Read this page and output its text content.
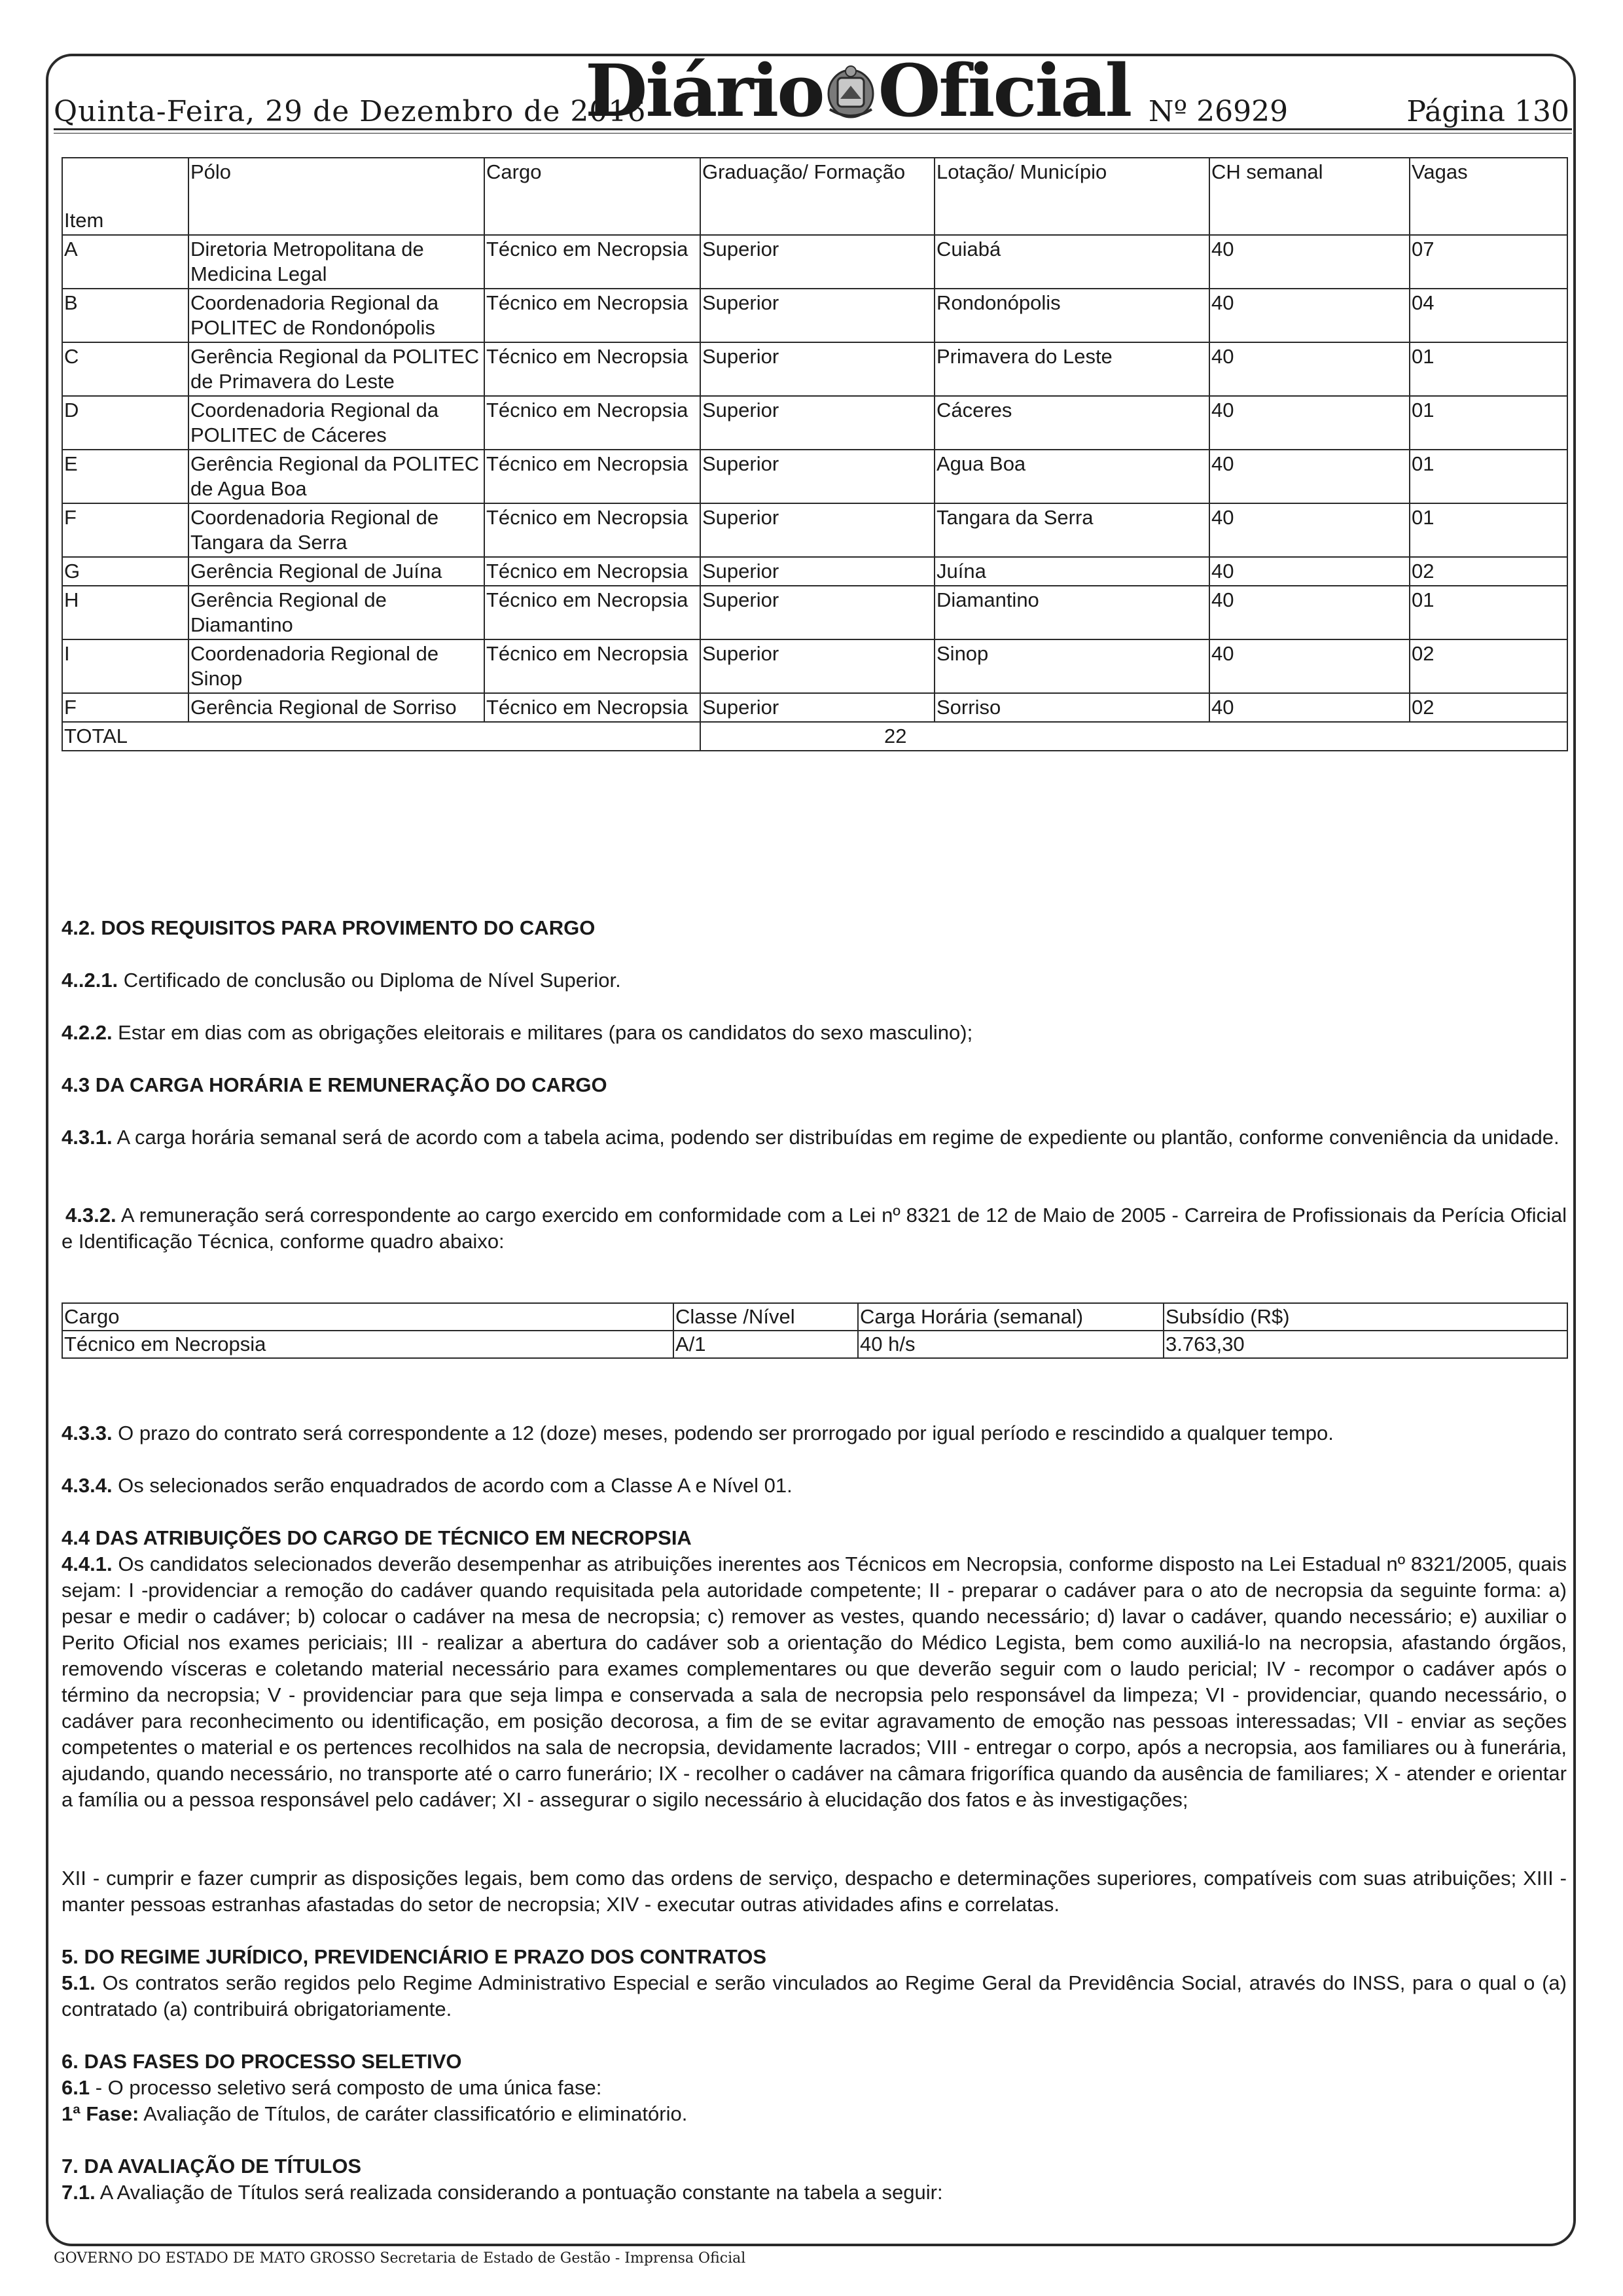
Quinta-Feira, 29 de Dezembro de 2016
Diário Oficial Nº 26929	Página 130
Item	Pólo	Cargo	Graduação/ Formação	Lotação/ Município	CH semanal	Vagas
A	Diretoria Metropolitana de Medicina Legal	Técnico em Necropsia	Superior	Cuiabá	40	07
B	Coordenadoria Regional da POLITEC de Rondonópolis	Técnico em Necropsia	Superior	Rondonópolis	40	04
C	Gerência Regional da POLITEC de Primavera do Leste	Técnico em Necropsia	Superior	Primavera do Leste	40	01
D	Coordenadoria Regional da POLITEC de Cáceres	Técnico em Necropsia	Superior	Cáceres	40	01
E	Gerência Regional da POLITEC de Agua Boa	Técnico em Necropsia	Superior	Agua Boa	40	01
F	Coordenadoria Regional de Tangara da Serra	Técnico em Necropsia	Superior	Tangara da Serra	40	01
G	Gerência Regional de Juína	Técnico em Necropsia	Superior	Juína	40	02
H	Gerência Regional de Diamantino	Técnico em Necropsia	Superior	Diamantino	40	01
I	Coordenadoria Regional de Sinop	Técnico em Necropsia	Superior	Sinop	40	02
F	Gerência Regional de Sorriso	Técnico em Necropsia	Superior	Sorriso	40	02
TOTAL			22			

4.2. DOS REQUISITOS PARA PROVIMENTO DO CARGO

4..2.1. Certificado de conclusão ou Diploma de Nível Superior.

4.2.2. Estar em dias com as obrigações eleitorais e militares (para os candidatos do sexo masculino);

4.3 DA CARGA HORÁRIA E REMUNERAÇÃO DO CARGO

4.3.1. A carga horária semanal será de acordo com a tabela acima, podendo ser distribuídas em regime de expediente ou plantão, conforme conveniência da unidade.

4.3.2. A remuneração será correspondente ao cargo exercido em conformidade com a Lei nº 8321 de 12 de Maio de 2005 - Carreira de Profissionais da Perícia Oficial e Identificação Técnica, conforme quadro abaixo:

Cargo	Classe /Nível	Carga Horária (semanal)	Subsídio (R$)
Técnico em Necropsia	A/1	40 h/s	3.763,30

4.3.3. O prazo do contrato será correspondente a 12 (doze) meses, podendo ser prorrogado por igual período e rescindido a qualquer tempo.

4.3.4. Os selecionados serão enquadrados de acordo com a Classe A e Nível 01.

4.4 DAS ATRIBUIÇÕES DO CARGO DE TÉCNICO EM NECROPSIA

4.4.1. Os candidatos selecionados deverão desempenhar as atribuições inerentes aos Técnicos em Necropsia, conforme disposto na Lei Estadual nº 8321/2005, quais sejam: I -providenciar a remoção do cadáver quando requisitada pela autoridade competente; II - preparar o cadáver para o ato de necropsia da seguinte forma: a) pesar e medir o cadáver; b) colocar o cadáver na mesa de necropsia; c) remover as vestes, quando necessário; d) lavar o cadáver, quando necessário; e) auxiliar o Perito Oficial nos exames periciais; III - realizar a abertura do cadáver sob a orientação do Médico Legista, bem como auxiliá-lo na necropsia, afastando órgãos, removendo vísceras e coletando material necessário para exames complementares ou que deverão seguir com o laudo pericial; IV - recompor o cadáver após o término da necropsia; V - providenciar para que seja limpa e conservada a sala de necropsia pelo responsável da limpeza; VI - providenciar, quando necessário, o cadáver para reconhecimento ou identificação, em posição decorosa, a fim de se evitar agravamento de emoção nas pessoas interessadas; VII - enviar as seções competentes o material e os pertences recolhidos na sala de necropsia, devidamente lacrados; VIII - entregar o corpo, após a necropsia, aos familiares ou à funerária, ajudando, quando necessário, no transporte até o carro funerário; IX - recolher o cadáver na câmara frigorífica quando da ausência de familiares; X - atender e orientar a família ou a pessoa responsável pelo cadáver; XI - assegurar o sigilo necessário à elucidação dos fatos e às investigações;

XII - cumprir e fazer cumprir as disposições legais, bem como das ordens de serviço, despacho e determinações superiores, compatíveis com suas atribuições; XIII - manter pessoas estranhas afastadas do setor de necropsia; XIV - executar outras atividades afins e correlatas.

5. DO REGIME JURÍDICO, PREVIDENCIÁRIO E PRAZO DOS CONTRATOS

5.1. Os contratos serão regidos pelo Regime Administrativo Especial e serão vinculados ao Regime Geral da Previdência Social, através do INSS, para o qual o (a) contratado (a) contribuirá obrigatoriamente.

6. DAS FASES DO PROCESSO SELETIVO

6.1 - O processo seletivo será composto de uma única fase:

1ª Fase: Avaliação de Títulos, de caráter classificatório e eliminatório.

7. DA AVALIAÇÃO DE TÍTULOS

7.1. A Avaliação de Títulos será realizada considerando a pontuação constante na tabela a seguir:

GOVERNO DO ESTADO DE MATO GROSSO Secretaria de Estado de Gestão - Imprensa Oficial
